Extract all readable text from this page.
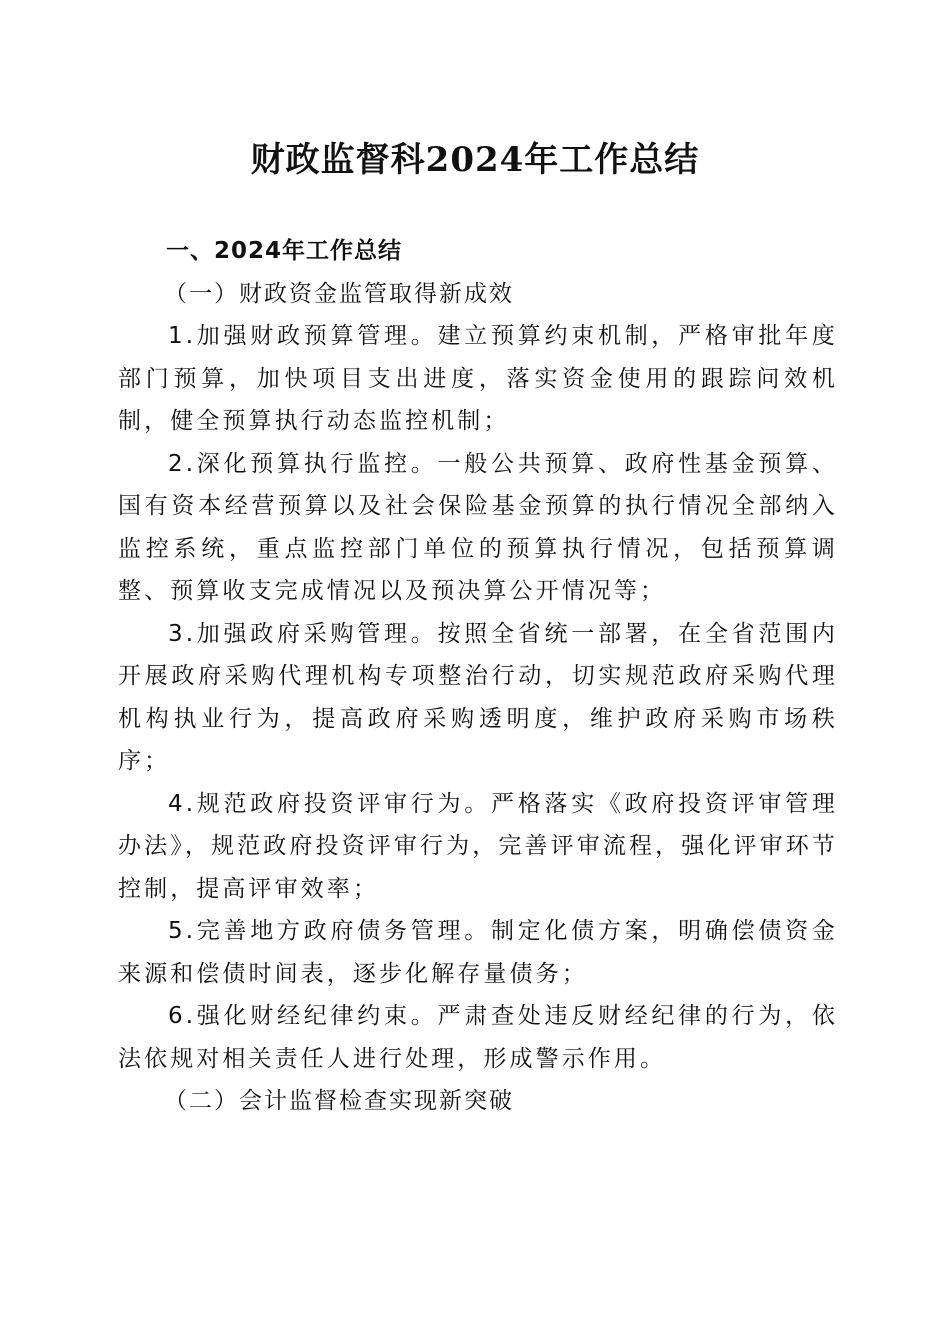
财政监督科2024年工作总结

一、2024年工作总结

（一）财政资金监管取得新成效

1.加强财政预算管理。建立预算约束机制，严格审批年度部门预算，加快项目支出进度，落实资金使用的跟踪问效机制，健全预算执行动态监控机制；

2.深化预算执行监控。一般公共预算、政府性基金预算、国有资本经营预算以及社会保险基金预算的执行情况全部纳入监控系统，重点监控部门单位的预算执行情况，包括预算调整、预算收支完成情况以及预决算公开情况等；

3.加强政府采购管理。按照全省统一部署，在全省范围内开展政府采购代理机构专项整治行动，切实规范政府采购代理机构执业行为，提高政府采购透明度，维护政府采购市场秩序；

4.规范政府投资评审行为。严格落实《政府投资评审管理办法》，规范政府投资评审行为，完善评审流程，强化评审环节控制，提高评审效率；

5.完善地方政府债务管理。制定化债方案，明确偿债资金来源和偿债时间表，逐步化解存量债务；

6.强化财经纪律约束。严肃查处违反财经纪律的行为，依法依规对相关责任人进行处理，形成警示作用。

（二）会计监督检查实现新突破
